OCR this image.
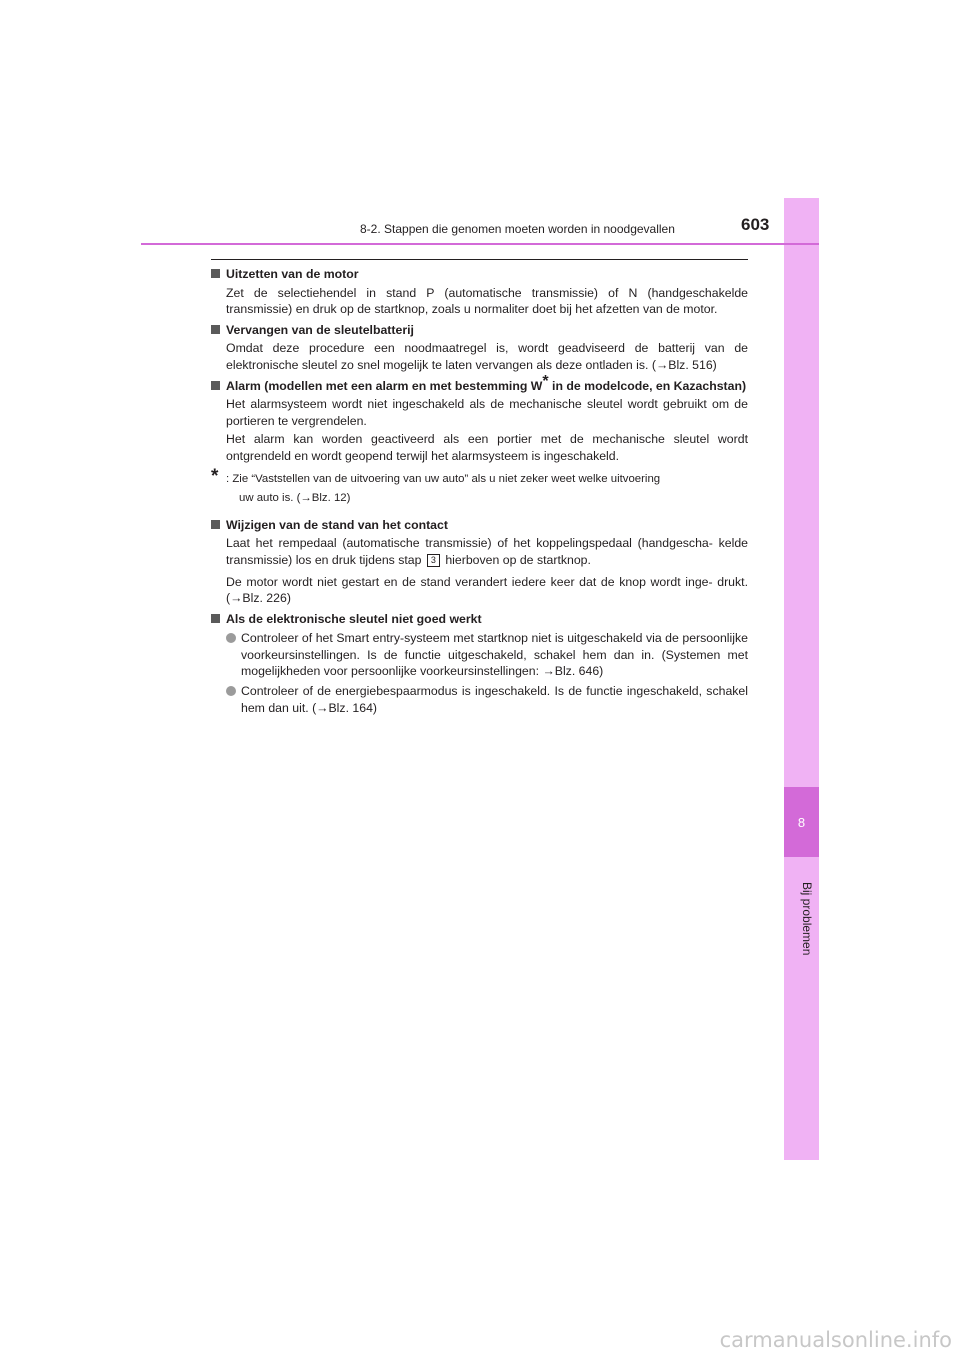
8
Bij problemen
8-2. Stappen die genomen moeten worden in noodgevallen	603
Uitzetten van de motor
Zet de selectiehendel in stand P (automatische transmissie) of N (handgeschakelde transmissie) en druk op de startknop, zoals u normaliter doet bij het afzetten van de motor.
Vervangen van de sleutelbatterij
Omdat deze procedure een noodmaatregel is, wordt geadviseerd de batterij van de elektronische sleutel zo snel mogelijk te laten vervangen als deze ontladen is. (→Blz. 516)
Alarm (modellen met een alarm en met bestemming W* in de modelcode, en Kazachstan)
Het alarmsysteem wordt niet ingeschakeld als de mechanische sleutel wordt gebruikt om de portieren te vergrendelen.
Het alarm kan worden geactiveerd als een portier met de mechanische sleutel wordt ontgrendeld en wordt geopend terwijl het alarmsysteem is ingeschakeld.
* : Zie “Vaststellen van de uitvoering van uw auto” als u niet zeker weet welke uitvoering
uw auto is. (→Blz. 12)
Wijzigen van de stand van het contact
Laat het rempedaal (automatische transmissie) of het koppelingspedaal (handgescha- kelde transmissie) los en druk tijdens stap 3 hierboven op de startknop.
De motor wordt niet gestart en de stand verandert iedere keer dat de knop wordt inge- drukt. (→Blz. 226)
Als de elektronische sleutel niet goed werkt
Controleer of het Smart entry-systeem met startknop niet is uitgeschakeld via de persoonlijke voorkeursinstellingen. Is de functie uitgeschakeld, schakel hem dan in. (Systemen met mogelijkheden voor persoonlijke voorkeursinstellingen: →Blz. 646)
Controleer of de energiebespaarmodus is ingeschakeld. Is de functie ingeschakeld, schakel hem dan uit. (→Blz. 164)
carmanualsonline.info
